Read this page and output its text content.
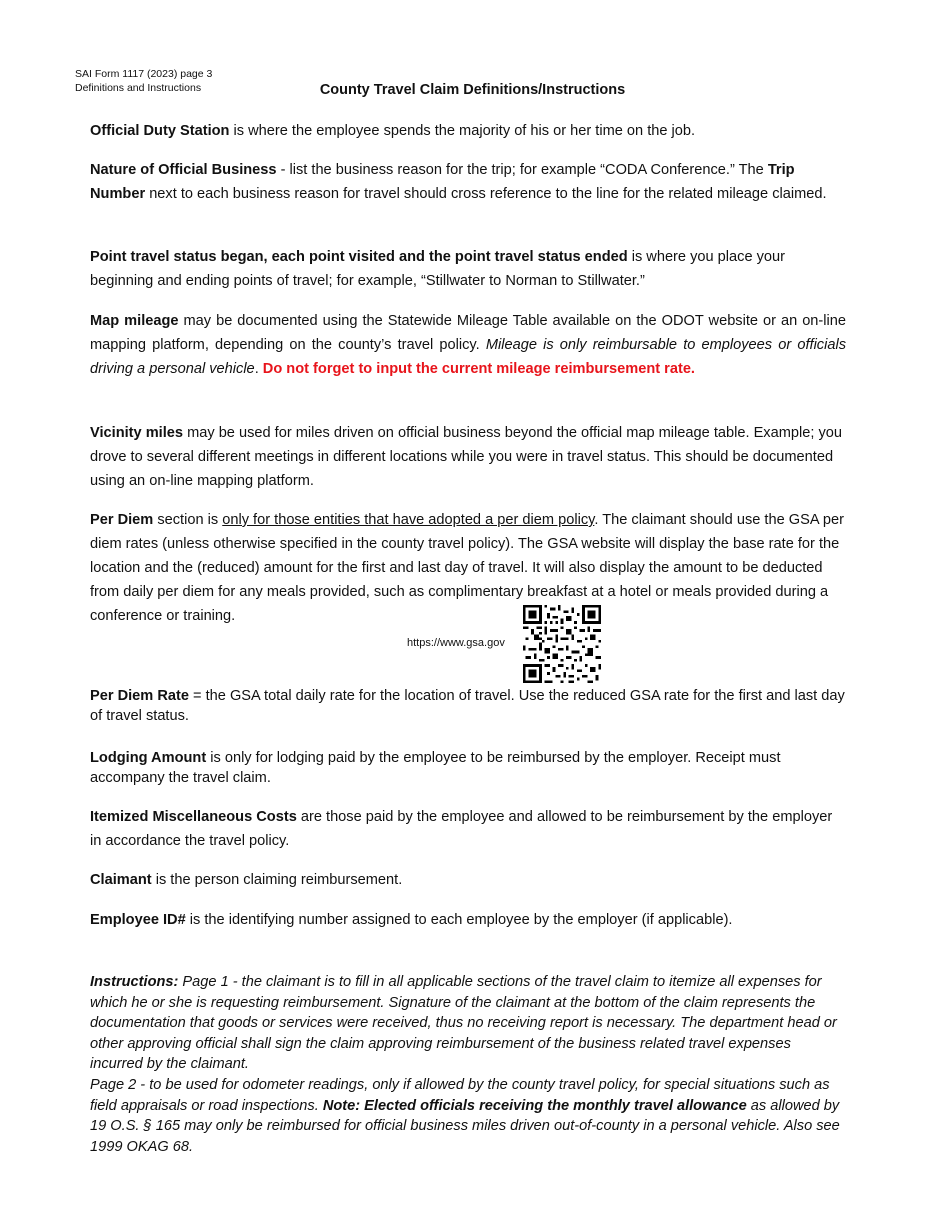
SAI Form 1117 (2023) page 3
Definitions and Instructions	County Travel Claim Definitions/Instructions
Official Duty Station is where the employee spends the majority of his or her time on the job.
Nature of Official Business - list the business reason for the trip; for example “CODA Conference.” The Trip Number next to each business reason for travel should cross reference to the line for the related mileage claimed.
Point travel status began, each point visited and the point travel status ended is where you place your beginning and ending points of travel; for example, “Stillwater to Norman to Stillwater.”
Map mileage may be documented using the Statewide Mileage Table available on the ODOT website or an on-line mapping platform, depending on the county’s travel policy. Mileage is only reimbursable to employees or officials driving a personal vehicle. Do not forget to input the current mileage reimbursement rate.
Vicinity miles may be used for miles driven on official business beyond the official map mileage table. Example; you drove to several different meetings in different locations while you were in travel status. This should be documented using an on-line mapping platform.
Per Diem section is only for those entities that have adopted a per diem policy. The claimant should use the GSA per diem rates (unless otherwise specified in the county travel policy). The GSA website will display the base rate for the location and the (reduced) amount for the first and last day of travel. It will also display the amount to be deducted from daily per diem for any meals provided, such as complimentary breakfast at a hotel or meals provided during a conference or training.
https://www.gsa.gov
Per Diem Rate = the GSA total daily rate for the location of travel. Use the reduced GSA rate for the first and last day of travel status.
Lodging Amount is only for lodging paid by the employee to be reimbursed by the employer. Receipt must accompany the travel claim.
Itemized Miscellaneous Costs are those paid by the employee and allowed to be reimbursement by the employer in accordance the travel policy.
Claimant is the person claiming reimbursement.
Employee ID# is the identifying number assigned to each employee by the employer (if applicable).
Instructions: Page 1 - the claimant is to fill in all applicable sections of the travel claim to itemize all expenses for which he or she is requesting reimbursement. Signature of the claimant at the bottom of the claim represents the documentation that goods or services were received, thus no receiving report is necessary. The department head or other approving official shall sign the claim approving reimbursement of the business related travel expenses incurred by the claimant.
Page 2 - to be used for odometer readings, only if allowed by the county travel policy, for special situations such as field appraisals or road inspections. Note: Elected officials receiving the monthly travel allowance as allowed by 19 O.S. § 165 may only be reimbursed for official business miles driven out-of-county in a personal vehicle. Also see 1999 OKAG 68.
